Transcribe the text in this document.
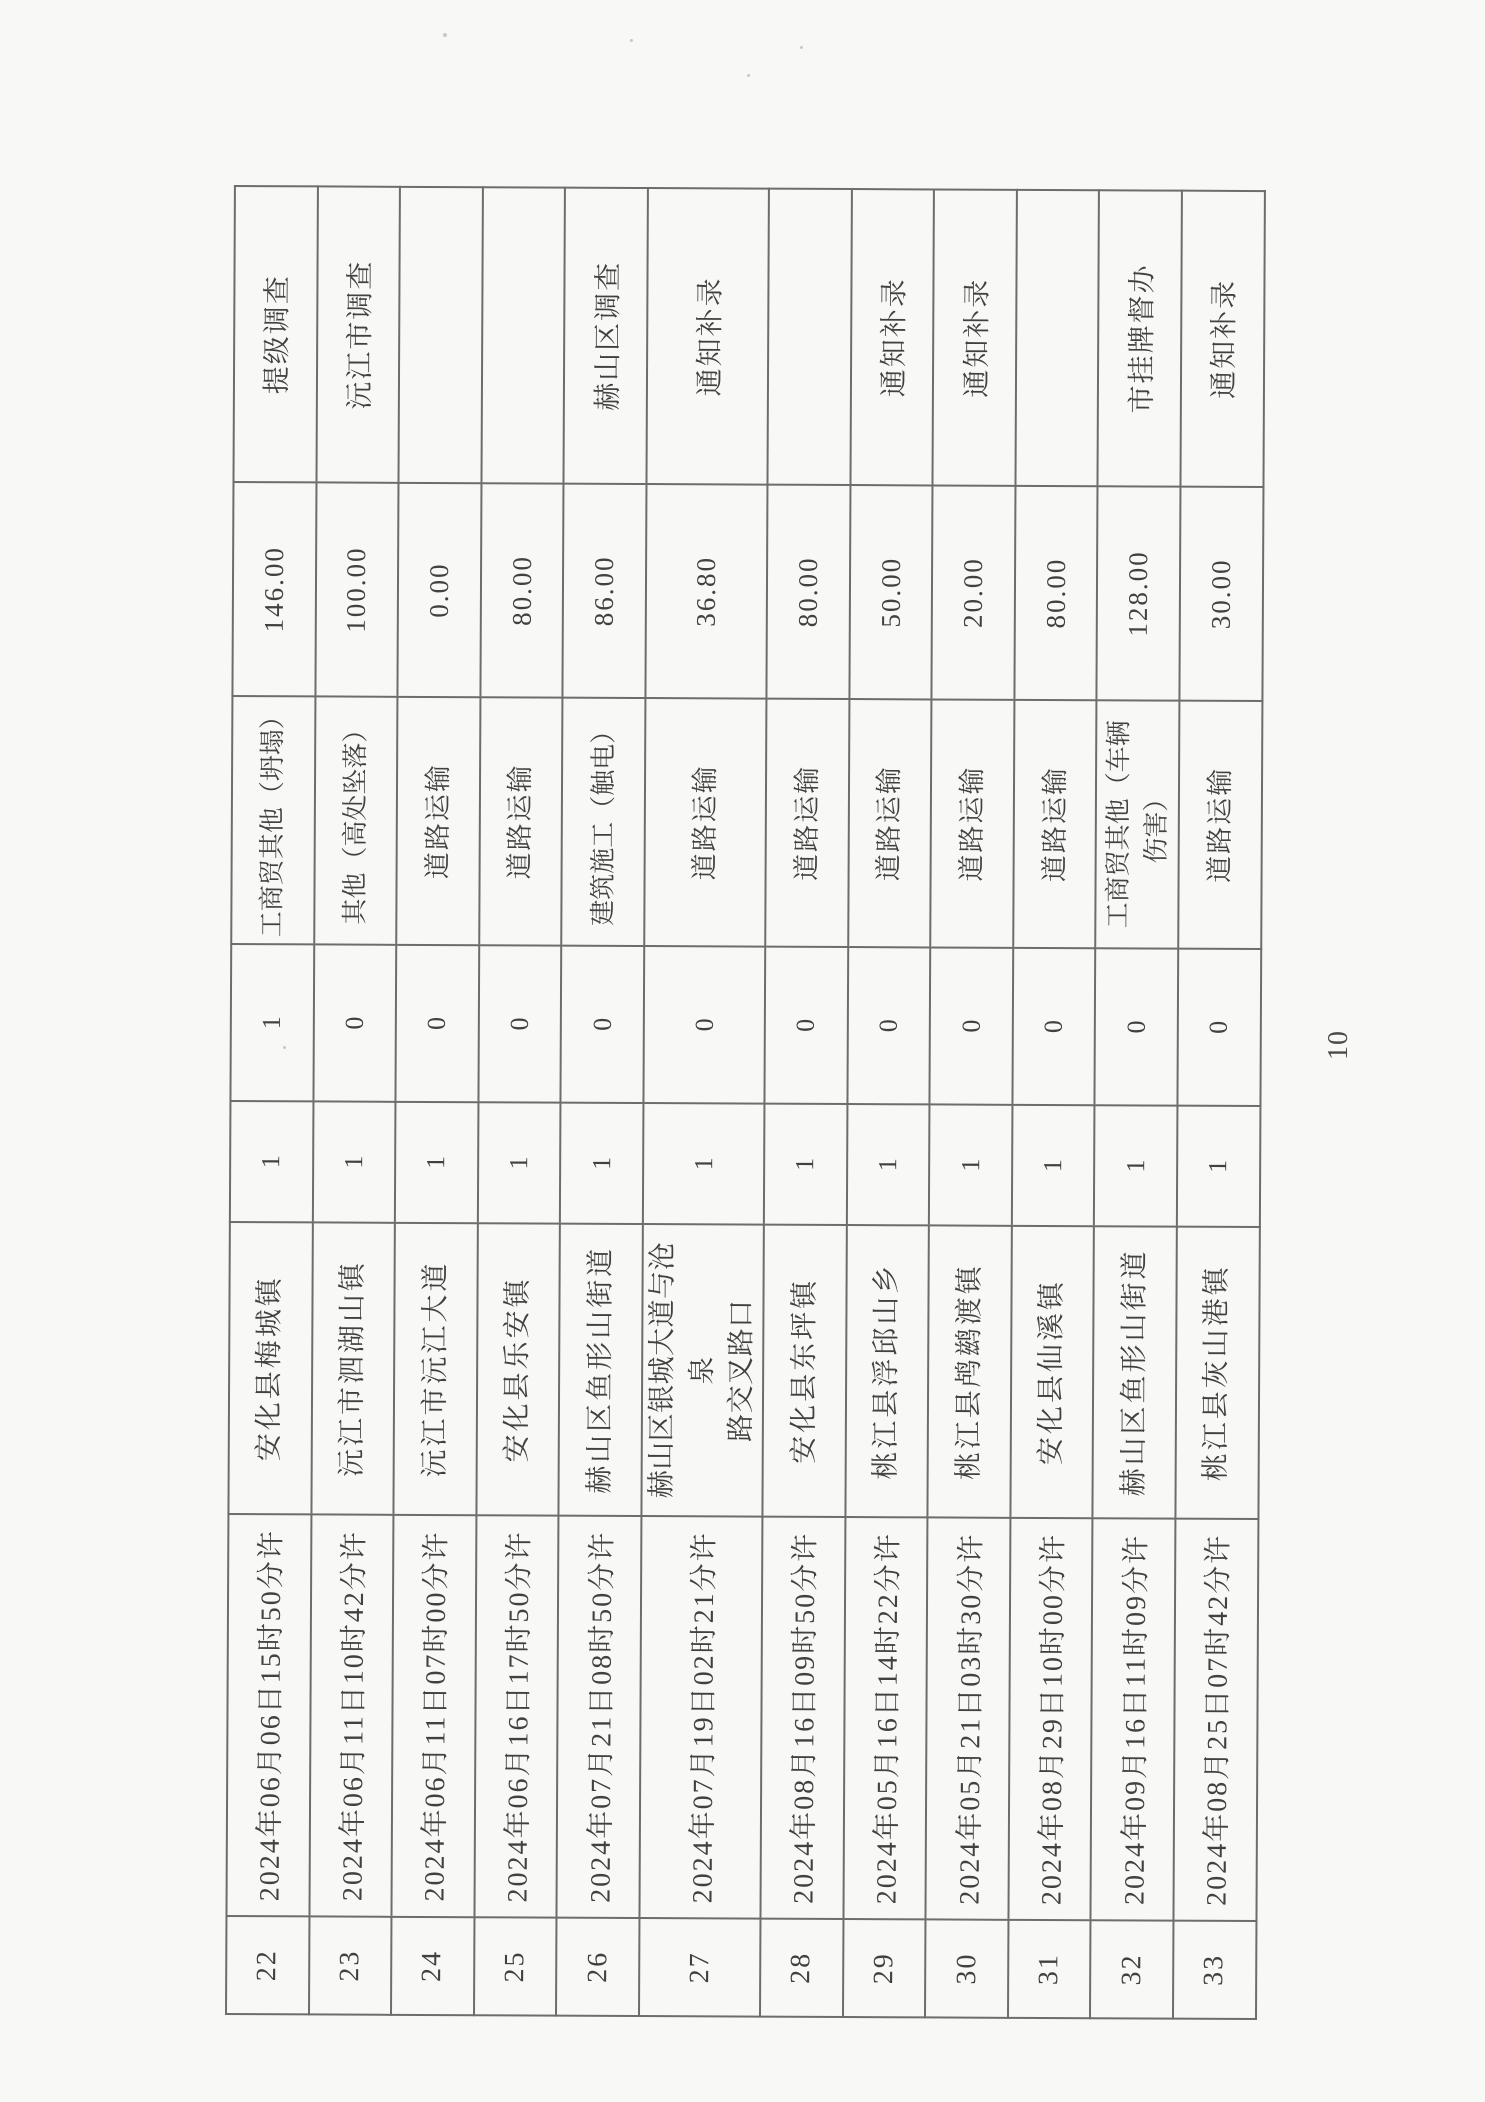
22	2024年06月06日15时50分许	安化县梅城镇	1	1	工商贸其他（坍塌）	146.00	提级调查
23	2024年06月11日10时42分许	沅江市泗湖山镇	1	0	其他（高处坠落）	100.00	沅江市调查
24	2024年06月11日07时00分许	沅江市沅江大道	1	0	道路运输	0.00	
25	2024年06月16日17时50分许	安化县乐安镇	1	0	道路运输	80.00	
26	2024年07月21日08时50分许	赫山区鱼形山街道	1	0	建筑施工（触电）	86.00	赫山区调查
27	2024年07月19日02时21分许	赫山区银城大道与沧泉
路交叉路口	1	0	道路运输	36.80	通知补录
28	2024年08月16日09时50分许	安化县东坪镇	1	0	道路运输	80.00	
29	2024年05月16日14时22分许	桃江县浮邱山乡	1	0	道路运输	50.00	通知补录
30	2024年05月21日03时30分许	桃江县鸬鹚渡镇	1	0	道路运输	20.00	通知补录
31	2024年08月29日10时00分许	安化县仙溪镇	1	0	道路运输	80.00	
32	2024年09月16日11时09分许	赫山区鱼形山街道	1	0	工商贸其他（车辆
伤害）	128.00	市挂牌督办
33	2024年08月25日07时42分许	桃江县灰山港镇	1	0	道路运输	30.00	通知补录
10
